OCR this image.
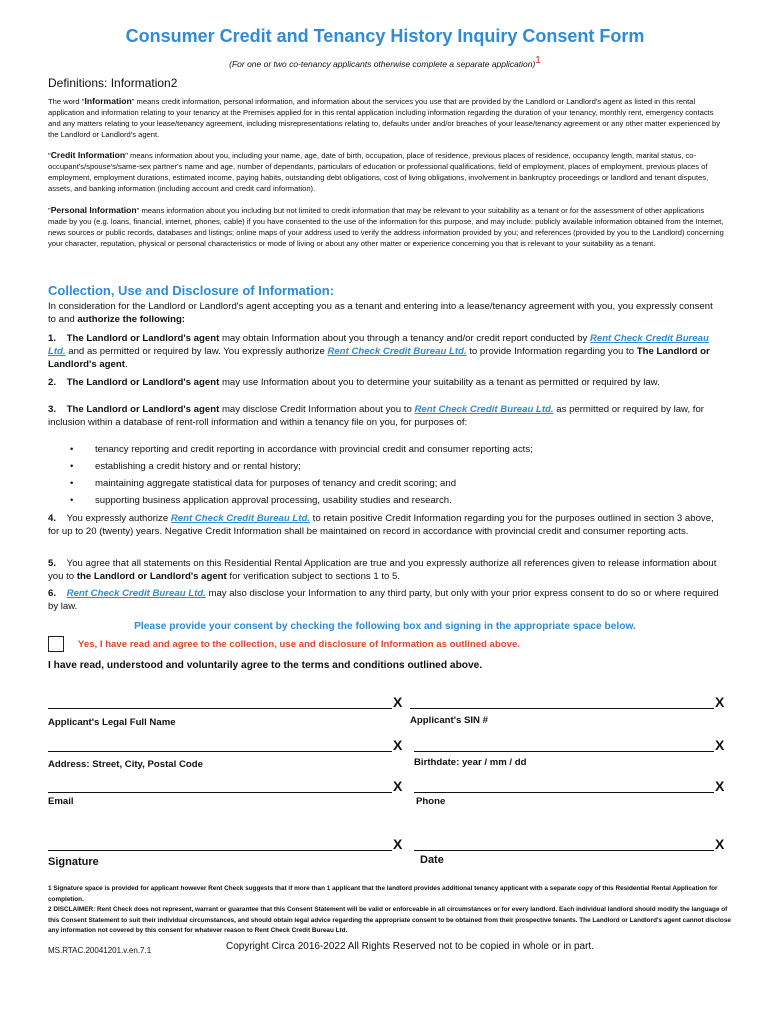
Consumer Credit and Tenancy History Inquiry Consent Form
(For one or two co-tenancy applicants otherwise complete a separate application)$^1$
Definitions: Information2
The word "Information" means credit information, personal information, and information about the services you use that are provided by the Landlord or Landlord's agent as listed in this rental application and information relating to your tenancy at the Premises applied for in this rental application including information regarding the duration of your tenancy, monthly rent, emergency contacts and any matters relating to your lease/tenancy agreement, including misrepresentations relating to, defaults under and/or breaches of your lease/tenancy agreement or any other matter experienced by the Landlord or Landlord's agent.
"Credit Information" means information about you, including your name, age, date of birth, occupation, place of residence, previous places of residence, occupancy length, marital status, co-occupant's/spouse's/same-sex partner's name and age, number of dependants, particulars of education or professional qualifications, field of employment, places of employment, previous places of employment, employment durations, estimated income, paying habits, outstanding debt obligations, cost of living obligations, involvement in bankruptcy proceedings or landlord and tenant disputes, assets, and banking information (including account and credit card information).
"Personal Information" means information about you including but not limited to credit information that may be relevant to your suitability as a tenant or for the assessment of other applications made by you (e.g. loans, financial, internet, phones, cable) if you have consented to the use of the information for this purpose, and may include: publicly available information obtained from the Internet, news sources or public records, databases and listings; online maps of your address used to verify the address information provided by you; and references (provided by you to the Landlord) concerning your character, reputation, physical or personal characteristics or mode of living or about any other matter or experience concerning you that is relevant to your suitability as a tenant.
Collection, Use and Disclosure of Information:
In consideration for the Landlord or Landlord's agent accepting you as a tenant and entering into a lease/tenancy agreement with you, you expressly consent to and authorize the following:
1.    The Landlord or Landlord's agent may obtain Information about you through a tenancy and/or credit report conducted by Rent Check Credit Bureau Ltd. and as permitted or required by law. You expressly authorize Rent Check Credit Bureau Ltd. to provide Information regarding you to The Landlord or Landlord's agent.
2.    The Landlord or Landlord's agent may use Information about you to determine your suitability as a tenant as permitted or required by law.
3.    The Landlord or Landlord's agent may disclose Credit Information about you to Rent Check Credit Bureau Ltd. as permitted or required by law, for inclusion within a database of rent-roll information and within a tenancy file on you, for purposes of:
• tenancy reporting and credit reporting in accordance with provincial credit and consumer reporting acts;
• establishing a credit history and or rental history;
• maintaining aggregate statistical data for purposes of tenancy and credit scoring; and
• supporting business application approval processing, usability studies and research.
4.    You expressly authorize Rent Check Credit Bureau Ltd. to retain positive Credit Information regarding you for the purposes outlined in section 3 above, for up to 20 (twenty) years. Negative Credit Information shall be maintained on record in accordance with provincial credit and consumer reporting acts.
5.    You agree that all statements on this Residential Rental Application are true and you expressly authorize all references given to release information about you to the Landlord or Landlord's agent for verification subject to sections 1 to 5.
6.    Rent Check Credit Bureau Ltd. may also disclose your Information to any third party, but only with your prior express consent to do so or where required by law.
Please provide your consent by checking the following box and signing in the appropriate space below.
Yes, I have read and agree to the collection, use and disclosure of Information as outlined above.
I have read, understood and voluntarily agree to the terms and conditions outlined above.
X	X
Applicant's Legal Full Name	Applicant's SIN #
X	X
Address: Street, City, Postal Code	Birthdate: year / mm / dd
X	X
Email	Phone
X	X
Signature	Date
1 Signature space is provided for applicant however Rent Check suggests that if more than 1 applicant that the landlord provides additional tenancy applicant with a separate copy of this Residential Rental Application for completion.
2 DISCLAIMER: Rent Check does not represent, warrant or guarantee that this Consent Statement will be valid or enforceable in all circumstances or for every landlord. Each individual landlord should modify the language of this Consent Statement to suit their individual circumstances, and should obtain legal advice regarding the appropriate consent to be obtained from their prospective tenants. The Landlord or Landlord's agent cannot disclose any information not covered by this consent for whatever reason to Rent Check Credit Bureau Ltd.
MS.RTAC.20041201.v.en.7.1	Copyright Circa 2016-2022 All Rights Reserved not to be copied in whole or in part.
